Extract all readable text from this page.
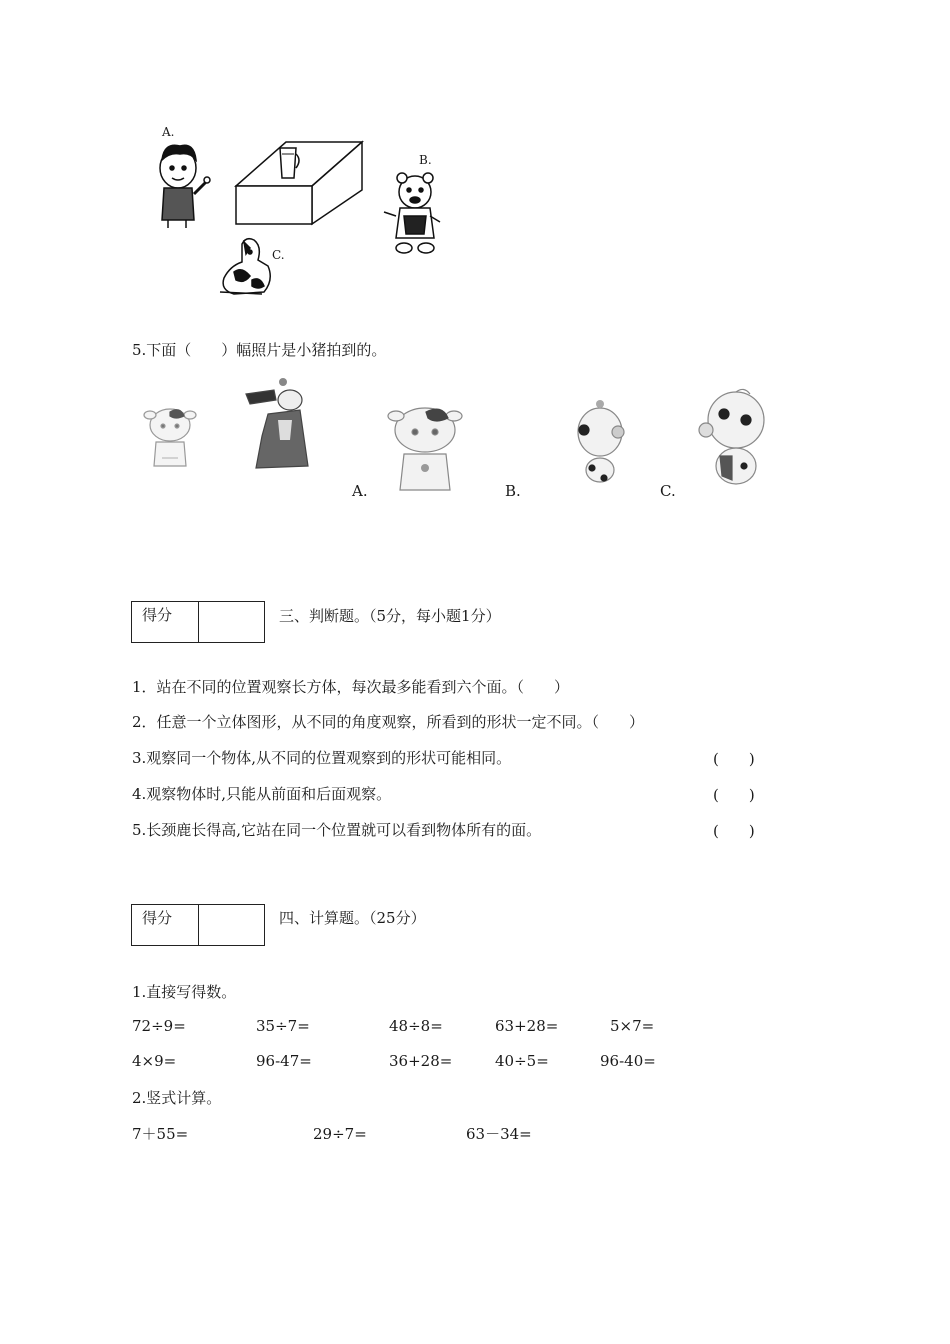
A.
B.
C.
5.下面（　　）幅照片是小猪拍到的。
A.	B.	C.
得分	三、判断题。（5分，每小题1分）
1．站在不同的位置观察长方体，每次最多能看到六个面。（　　）
2．任意一个立体图形，从不同的角度观察，所看到的形状一定不同。（　　）
3.观察同一个物体,从不同的位置观察到的形状可能相同。	(　　)
4.观察物体时,只能从前面和后面观察。	(　　)
5.长颈鹿长得高,它站在同一个位置就可以看到物体所有的面。	(　　)
得分	四、计算题。（25分）
1.直接写得数。
72÷9=	35÷7=	48÷8=	63+28=	5×7=
4×9=	96-47=	36+28=	40÷5=	96-40=
2.竖式计算。
7＋55=	29÷7=	63－34=
